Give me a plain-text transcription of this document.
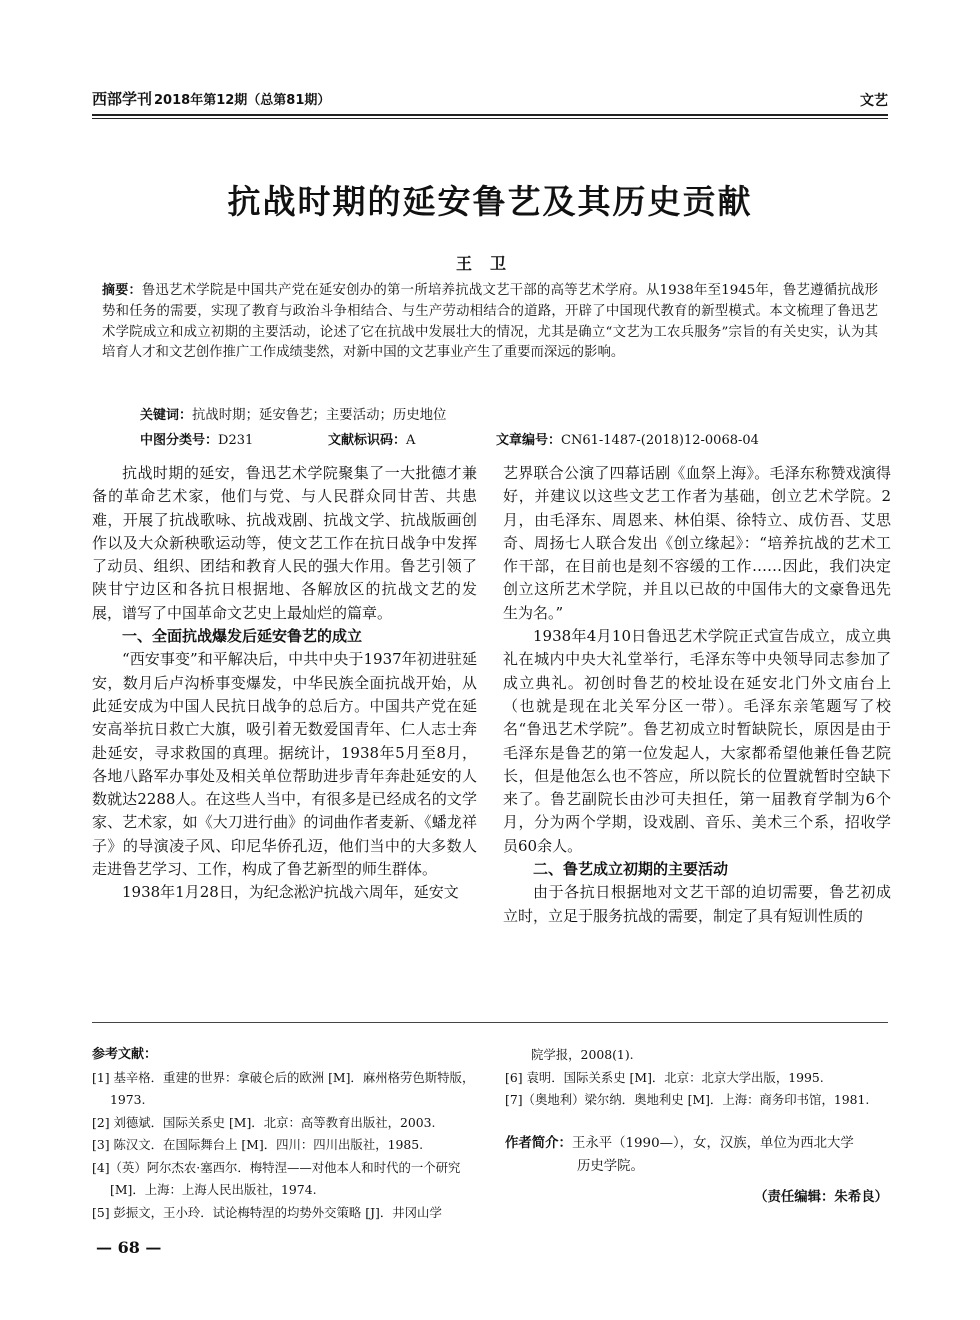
西部学刊 2018年第12期（总第81期）	文艺
抗战时期的延安鲁艺及其历史贡献
王卫
摘要：鲁迅艺术学院是中国共产党在延安创办的第一所培养抗战文艺干部的高等艺术学府。从1938年至1945年，鲁艺遵循抗战形势和任务的需要，实现了教育与政治斗争相结合、与生产劳动相结合的道路，开辟了中国现代教育的新型模式。本文梳理了鲁迅艺术学院成立和成立初期的主要活动，论述了它在抗战中发展壮大的情况，尤其是确立“文艺为工农兵服务”宗旨的有关史实，认为其培育人才和文艺创作推广工作成绩斐然，对新中国的文艺事业产生了重要而深远的影响。
关键词：抗战时期；延安鲁艺；主要活动；历史地位
中图分类号：D231	文献标识码：A	文章编号：CN61-1487-(2018)12-0068-04

抗战时期的延安，鲁迅艺术学院聚集了一大批德才兼备的革命艺术家，他们与党、与人民群众同甘苦、共患难，开展了抗战歌咏、抗战戏剧、抗战文学、抗战版画创作以及大众新秧歌运动等，使文艺工作在抗日战争中发挥了动员、组织、团结和教育人民的强大作用。鲁艺引领了陕甘宁边区和各抗日根据地、各解放区的抗战文艺的发展，谱写了中国革命文艺史上最灿烂的篇章。

一、全面抗战爆发后延安鲁艺的成立

“西安事变”和平解决后，中共中央于1937年初进驻延安，数月后卢沟桥事变爆发，中华民族全面抗战开始，从此延安成为中国人民抗日战争的总后方。中国共产党在延安高举抗日救亡大旗，吸引着无数爱国青年、仁人志士奔赴延安，寻求救国的真理。据统计，1938年5月至8月，各地八路军办事处及相关单位帮助进步青年奔赴延安的人数就达2288人。在这些人当中，有很多是已经成名的文学家、艺术家，如《大刀进行曲》的词曲作者麦新、《蟠龙祥子》的导演凌子风、印尼华侨孔迈，他们当中的大多数人走进鲁艺学习、工作，构成了鲁艺新型的师生群体。

1938年1月28日，为纪念淞沪抗战六周年，延安文

艺界联合公演了四幕话剧《血祭上海》。毛泽东称赞戏演得好，并建议以这些文艺工作者为基础，创立艺术学院。2月，由毛泽东、周恩来、林伯渠、徐特立、成仿吾、艾思奇、周扬七人联合发出《创立缘起》：“培养抗战的艺术工作干部，在目前也是刻不容缓的工作……因此，我们决定创立这所艺术学院，并且以已故的中国伟大的文豪鲁迅先生为名。”

1938年4月10日鲁迅艺术学院正式宣告成立，成立典礼在城内中央大礼堂举行，毛泽东等中央领导同志参加了成立典礼。初创时鲁艺的校址设在延安北门外文庙台上（也就是现在北关军分区一带）。毛泽东亲笔题写了校名“鲁迅艺术学院”。鲁艺初成立时暂缺院长，原因是由于毛泽东是鲁艺的第一位发起人，大家都希望他兼任鲁艺院长，但是他怎么也不答应，所以院长的位置就暂时空缺下来了。鲁艺副院长由沙可夫担任，第一届教育学制为6个月，分为两个学期，设戏剧、音乐、美术三个系，招收学员60余人。

二、鲁艺成立初期的主要活动

由于各抗日根据地对文艺干部的迫切需要，鲁艺初成立时，立足于服务抗战的需要，制定了具有短训性质的

参考文献：
[1] 基辛格．重建的世界：拿破仑后的欧洲 [M]．麻州格劳色斯特版，1973.
[2] 刘德斌．国际关系史 [M]．北京：高等教育出版社，2003.
[3] 陈汉文．在国际舞台上 [M]．四川：四川出版社，1985.
[4]（英）阿尔杰农·塞西尔．梅特涅——对他本人和时代的一个研究 [M]．上海：上海人民出版社，1974.
[5] 彭振文，王小玲．试论梅特涅的均势外交策略 [J]．井冈山学
院学报，2008(1).
[6] 袁明．国际关系史 [M]．北京：北京大学出版，1995.
[7]（奥地利）梁尔纳．奥地利史 [M]．上海：商务印书馆，1981.
作者简介：王永平（1990—），女，汉族，单位为西北大学
历史学院。
（责任编辑：朱希良）
— 68 —
